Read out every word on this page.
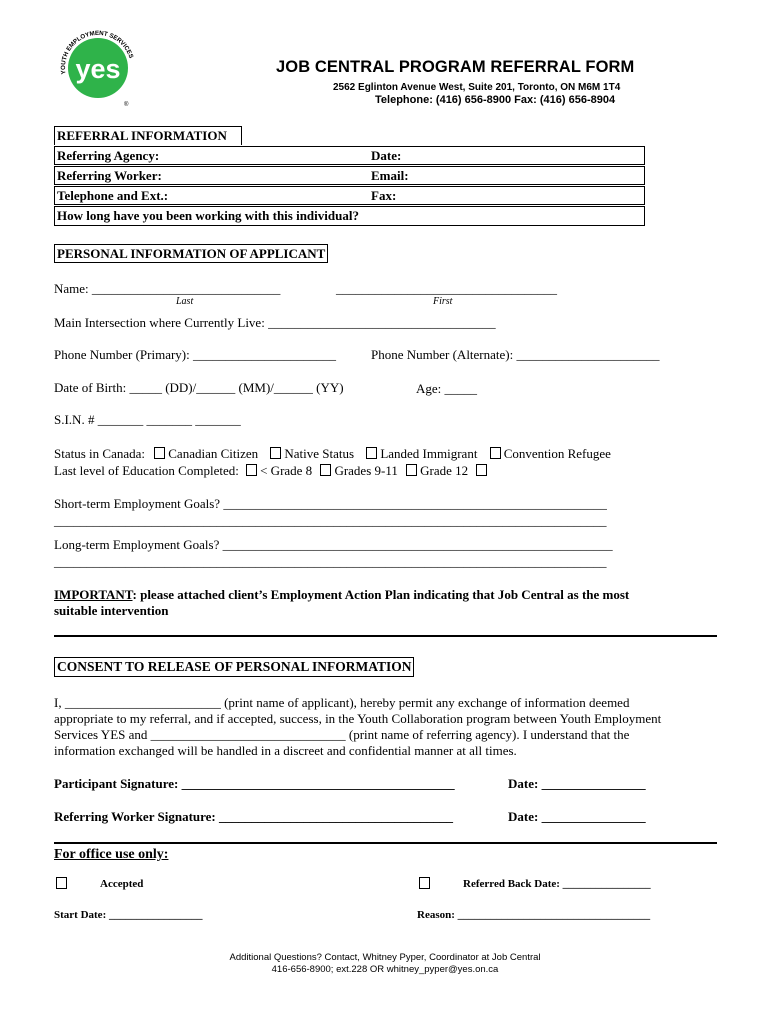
YOUTH EMPLOYMENT SERVICES
yes
®
JOB CENTRAL PROGRAM REFERRAL FORM
2562 Eglinton Avenue West, Suite 201, Toronto, ON M6M 1T4
Telephone: (416) 656-8900 Fax: (416) 656-8904
REFERRAL INFORMATION
Referring Agency:	Date:
Referring Worker:	Email:
Telephone and Ext.:	Fax:
How long have you been working with this individual?
PERSONAL INFORMATION OF APPLICANT
Name: _____________________________	__________________________________
Last	First
Main Intersection where Currently Live: ___________________________________
Phone Number (Primary): ______________________	Phone Number (Alternate): ______________________
Date of Birth: _____ (DD)/______ (MM)/______ (YY)	Age: _____
S.I.N. # _______ _______ _______
Status in Canada: Canadian Citizen Native Status Landed Immigrant Convention Refugee
Last level of Education Completed: < Grade 8 Grades 9-11 Grade 12
Short-term Employment Goals? ___________________________________________________________
_____________________________________________________________________________________
Long-term Employment Goals? ____________________________________________________________
_____________________________________________________________________________________
IMPORTANT: please attached client’s Employment Action Plan indicating that Job Central as the most
suitable intervention
CONSENT TO RELEASE OF PERSONAL INFORMATION
I, ________________________ (print name of applicant), hereby permit any exchange of information deemed
appropriate to my referral, and if accepted, success, in the Youth Collaboration program between Youth Employment
Services YES and ______________________________ (print name of referring agency). I understand that the
information exchanged will be handled in a discreet and confidential manner at all times.
Participant Signature: __________________________________________	Date: ________________
Referring Worker Signature: ____________________________________	Date: ________________
For office use only:
Accepted	Referred Back Date: ________________
Start Date: _________________	Reason: ___________________________________
Additional Questions? Contact, Whitney Pyper, Coordinator at Job Central
416-656-8900; ext.228 OR whitney_pyper@yes.on.ca
